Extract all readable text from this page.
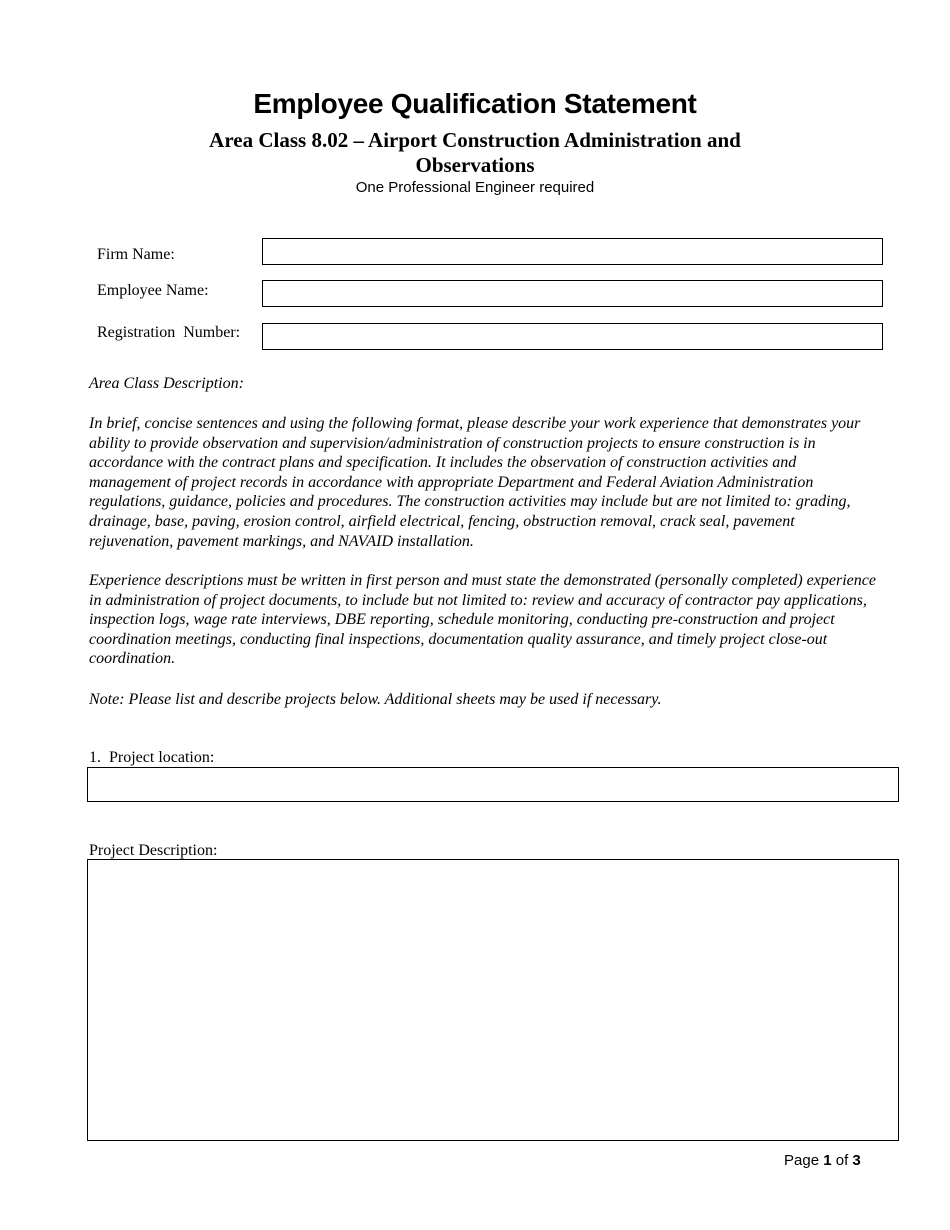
Employee Qualification Statement
Area Class 8.02 – Airport Construction Administration and Observations
One Professional Engineer required
Firm Name:
Employee Name:
Registration  Number:

Area Class Description:

In brief, concise sentences and using the following format, please describe your work experience that demonstrates your ability to provide observation and supervision/administration of construction projects to ensure construction is in accordance with the contract plans and specification. It includes the observation of construction activities and management of project records in accordance with appropriate Department and Federal Aviation Administration regulations, guidance, policies and procedures. The construction activities may include but are not limited to: grading, drainage, base, paving, erosion control, airfield electrical, fencing, obstruction removal, crack seal, pavement rejuvenation, pavement markings, and NAVAID installation.

Experience descriptions must be written in first person and must state the demonstrated (personally completed) experience in administration of project documents, to include but not limited to: review and accuracy of contractor pay applications, inspection logs, wage rate interviews, DBE reporting, schedule monitoring, conducting pre-construction and project coordination meetings, conducting final inspections, documentation quality assurance, and timely project close-out coordination.

Note: Please list and describe projects below. Additional sheets may be used if necessary.

1.  Project location:
Project Description:
Page 1 of 3
